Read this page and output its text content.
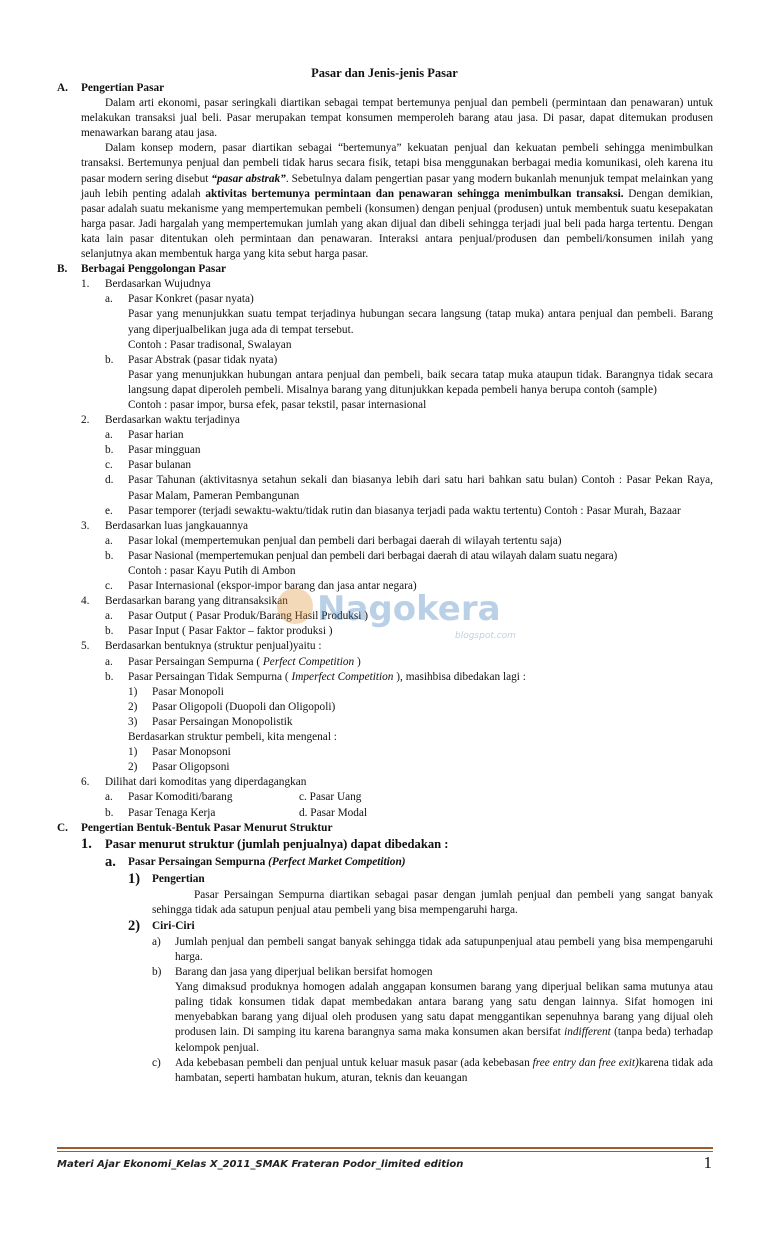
Pasar dan Jenis-jenis Pasar
A. Pengertian Pasar
Dalam arti ekonomi, pasar seringkali diartikan sebagai tempat bertemunya penjual dan pembeli (permintaan dan penawaran) untuk melakukan transaksi jual beli. Pasar merupakan tempat konsumen memperoleh barang atau jasa. Di pasar, dapat ditemukan produsen menawarkan barang atau jasa.
Dalam konsep modern, pasar diartikan sebagai “bertemunya” kekuatan penjual dan kekuatan pembeli sehingga menimbulkan transaksi. Bertemunya penjual dan pembeli tidak harus secara fisik, tetapi bisa menggunakan berbagai media komunikasi, oleh karena itu pasar modern sering disebut “pasar abstrak”. Sebetulnya dalam pengertian pasar yang modern bukanlah menunjuk tempat melainkan yang jauh lebih penting adalah aktivitas bertemunya permintaan dan penawaran sehingga menimbulkan transaksi. Dengan demikian, pasar adalah suatu mekanisme yang mempertemukan pembeli (konsumen) dengan penjual (produsen) untuk membentuk suatu kesepakatan harga pasar. Jadi hargalah yang mempertemukan jumlah yang akan dijual dan dibeli sehingga terjadi jual beli pada harga tertentu. Dengan kata lain pasar ditentukan oleh permintaan dan penawaran. Interaksi antara penjual/produsen dan pembeli/konsumen inilah yang selanjutnya akan membentuk harga yang kita sebut harga pasar.
B. Berbagai Penggolongan Pasar
1. Berdasarkan Wujudnya
a. Pasar Konkret (pasar nyata)
Pasar yang menunjukkan suatu tempat terjadinya hubungan secara langsung (tatap muka) antara penjual dan pembeli. Barang yang diperjualbelikan juga ada di tempat tersebut.
Contoh : Pasar tradisonal, Swalayan
b. Pasar Abstrak (pasar tidak nyata)
Pasar yang menunjukkan hubungan antara penjual dan pembeli, baik secara tatap muka ataupun tidak. Barangnya tidak secara langsung dapat diperoleh pembeli. Misalnya barang yang ditunjukkan kepada pembeli hanya berupa contoh (sample)
Contoh : pasar impor, bursa efek, pasar tekstil, pasar internasional
2. Berdasarkan waktu terjadinya
a. Pasar harian
b. Pasar mingguan
c. Pasar bulanan
d. Pasar Tahunan (aktivitasnya setahun sekali dan biasanya lebih dari satu hari bahkan satu bulan) Contoh : Pasar Pekan Raya, Pasar Malam, Pameran Pembangunan
e. Pasar temporer (terjadi sewaktu-waktu/tidak rutin dan biasanya terjadi pada waktu tertentu) Contoh : Pasar Murah, Bazaar
3. Berdasarkan luas jangkauannya
a. Pasar lokal (mempertemukan penjual dan pembeli dari berbagai daerah di wilayah tertentu saja)
b. Pasar Nasional (mempertemukan penjual dan pembeli dari berbagai daerah di atau wilayah dalam suatu negara)
Contoh : pasar Kayu Putih di Ambon
c. Pasar Internasional (ekspor-impor barang dan jasa antar negara)
4. Berdasarkan barang yang ditransaksikan
a. Pasar Output ( Pasar Produk/Barang Hasil Produksi )
b. Pasar Input ( Pasar Faktor – faktor produksi )
5. Berdasarkan bentuknya (struktur penjual)yaitu :
a. Pasar Persaingan Sempurna ( Perfect Competition )
b. Pasar Persaingan Tidak Sempurna ( Imperfect Competition ), masihbisa dibedakan lagi :
1) Pasar Monopoli
2) Pasar Oligopoli (Duopoli dan Oligopoli)
3) Pasar Persaingan Monopolistik
Berdasarkan struktur pembeli, kita mengenal :
1) Pasar Monopsoni
2) Pasar Oligopsoni
6. Dilihat dari komoditas yang diperdagangkan
a. Pasar Komoditi/barang	c. Pasar Uang
b. Pasar Tenaga Kerja	d. Pasar Modal
C. Pengertian Bentuk-Bentuk Pasar Menurut Struktur
1. Pasar menurut struktur (jumlah penjualnya) dapat dibedakan :
a. Pasar Persaingan Sempurna (Perfect Market Competition)
1) Pengertian
Pasar Persaingan Sempurna diartikan sebagai pasar dengan jumlah penjual dan pembeli yang sangat banyak sehingga tidak ada satupun penjual atau pembeli yang bisa mempengaruhi harga.
2) Ciri-Ciri
a) Jumlah penjual dan pembeli sangat banyak sehingga tidak ada satupunpenjual atau pembeli yang bisa mempengaruhi harga.
b) Barang dan jasa yang diperjual belikan bersifat homogen
Yang dimaksud produknya homogen adalah anggapan konsumen barang yang diperjual belikan sama mutunya atau paling tidak konsumen tidak dapat membedakan antara barang yang satu dengan lainnya. Sifat homogen ini menyebabkan barang yang dijual oleh produsen yang satu dapat menggantikan sepenuhnya barang yang dijual oleh produsen lain. Di samping itu karena barangnya sama maka konsumen akan bersifat indifferent (tanpa beda) terhadap kelompok penjual.
c) Ada kebebasan pembeli dan penjual untuk keluar masuk pasar (ada kebebasan free entry dan free exit)karena tidak ada hambatan, seperti hambatan hukum, aturan, teknis dan keuangan
Nagokera
blogspot.com
Materi Ajar Ekonomi_Kelas X_2011_SMAK Frateran Podor_limited edition	1
